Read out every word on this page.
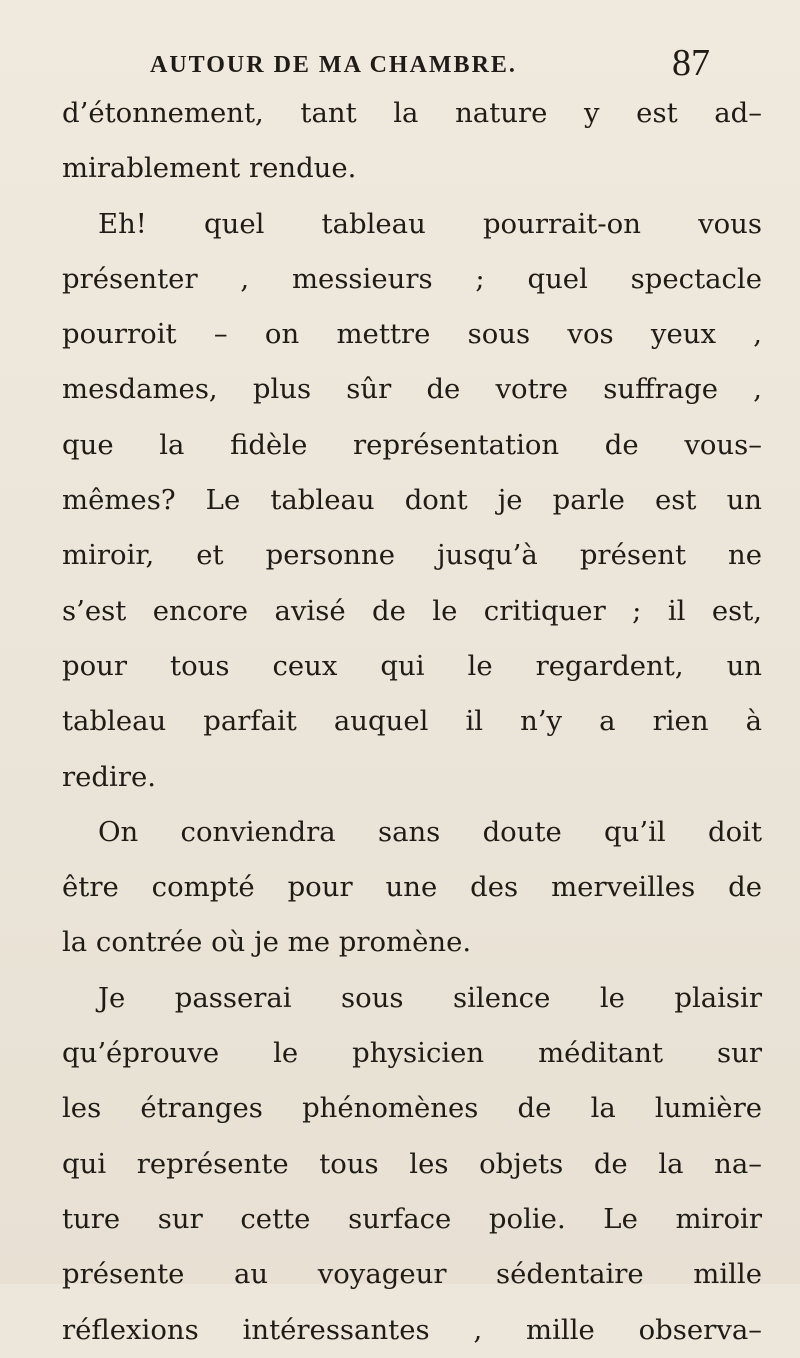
AUTOUR DE MA CHAMBRE.	87
d’étonnement, tant la nature y est ad–
mirablement rendue.
Eh! quel tableau pourrait-on vous
présenter , messieurs ; quel spectacle
pourroit – on mettre sous vos yeux ,
mesdames, plus sûr de votre suffrage ,
que la fidèle représentation de vous–
mêmes? Le tableau dont je parle est un
miroir, et personne jusqu’à présent ne
s’est encore avisé de le critiquer ; il est,
pour tous ceux qui le regardent, un
tableau parfait auquel il n’y a rien à
redire.
On conviendra sans doute qu’il doit
être compté pour une des merveilles de
la contrée où je me promène.
Je passerai sous silence le plaisir
qu’éprouve le physicien méditant sur
les étranges phénomènes de la lumière
qui représente tous les objets de la na–
ture sur cette surface polie. Le miroir
présente au voyageur sédentaire mille
réflexions intéressantes , mille observa–
